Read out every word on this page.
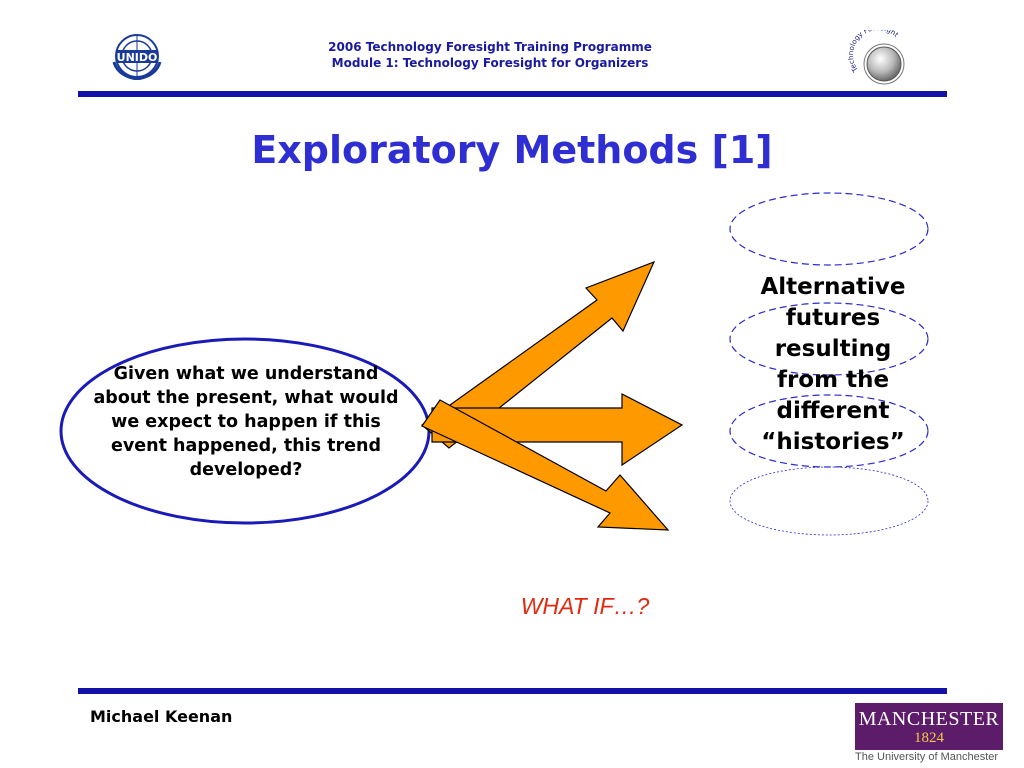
UNIDO
2006 Technology Foresight Training Programme
Module 1: Technology Foresight for Organizers	Tec ology F ght
Exploratory Methods [1]
Given what we understand about the present, what would we expect to happen if this event happened, this trend developed?
Alternative
futures
resulting
from the
different
“histories”
WHAT IF…?
Michael Keenan	MANCHESTER
1824
The University of Manchester
